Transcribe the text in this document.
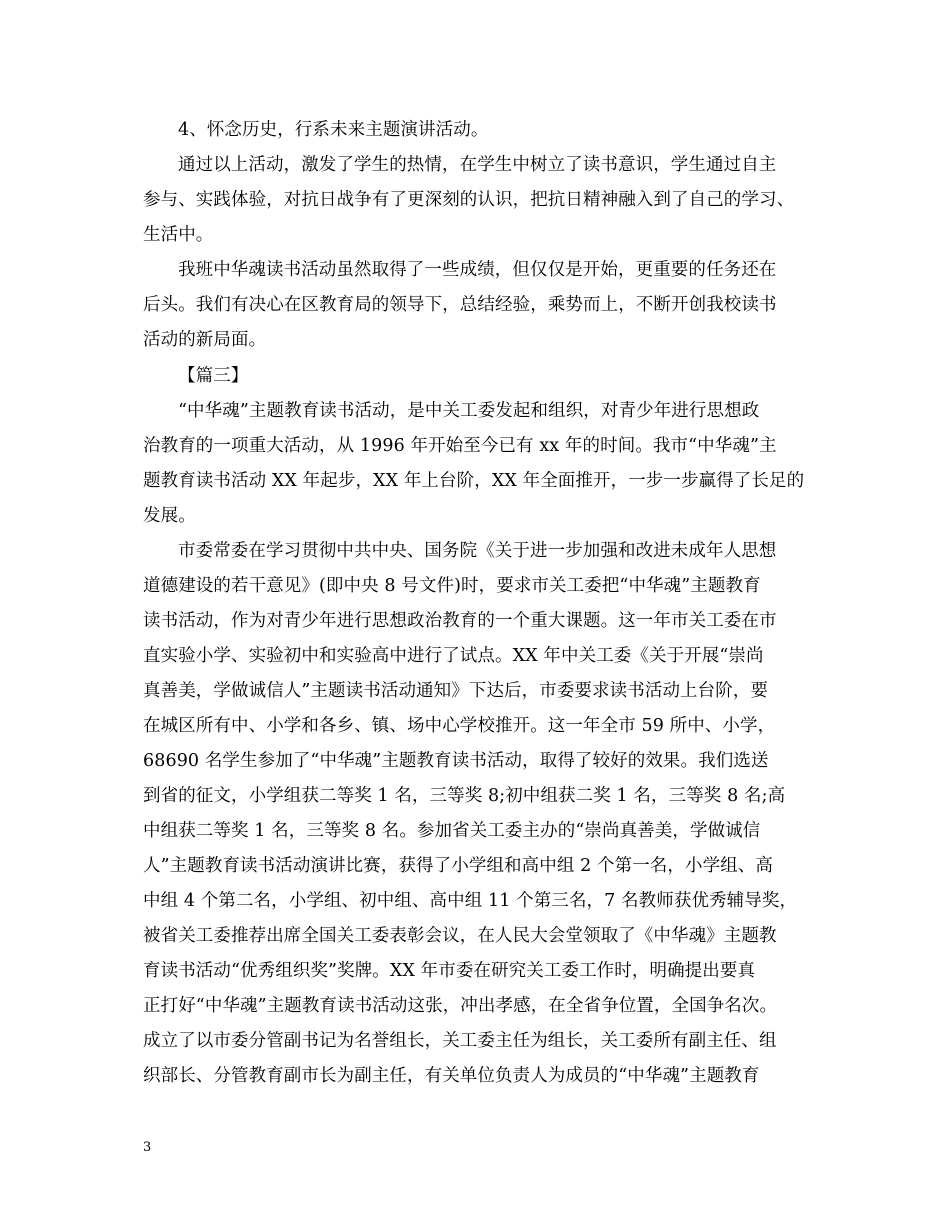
4、怀念历史，行系未来主题演讲活动。
通过以上活动，激发了学生的热情，在学生中树立了读书意识，学生通过自主
参与、实践体验，对抗日战争有了更深刻的认识，把抗日精神融入到了自己的学习、
生活中。
我班中华魂读书活动虽然取得了一些成绩，但仅仅是开始，更重要的任务还在
后头。我们有决心在区教育局的领导下，总结经验，乘势而上，不断开创我校读书
活动的新局面。
【篇三】
“中华魂”主题教育读书活动，是中关工委发起和组织，对青少年进行思想政
治教育的一项重大活动，从 1996 年开始至今已有 xx 年的时间。我市“中华魂”主
题教育读书活动 XX 年起步，XX 年上台阶，XX 年全面推开，一步一步赢得了长足的
发展。
市委常委在学习贯彻中共中央、国务院《关于进一步加强和改进未成年人思想
道德建设的若干意见》(即中央 8 号文件)时，要求市关工委把“中华魂”主题教育
读书活动，作为对青少年进行思想政治教育的一个重大课题。这一年市关工委在市
直实验小学、实验初中和实验高中进行了试点。XX 年中关工委《关于开展“崇尚
真善美，学做诚信人”主题读书活动通知》下达后，市委要求读书活动上台阶，要
在城区所有中、小学和各乡、镇、场中心学校推开。这一年全市 59 所中、小学，
68690 名学生参加了“中华魂”主题教育读书活动，取得了较好的效果。我们选送
到省的征文，小学组获二等奖 1 名，三等奖 8;初中组获二奖 1 名，三等奖 8 名;高
中组获二等奖 1 名，三等奖 8 名。参加省关工委主办的“崇尚真善美，学做诚信
人”主题教育读书活动演讲比赛，获得了小学组和高中组 2 个第一名，小学组、高
中组 4 个第二名，小学组、初中组、高中组 11 个第三名，7 名教师获优秀辅导奖，
被省关工委推荐出席全国关工委表彰会议，在人民大会堂领取了《中华魂》主题教
育读书活动“优秀组织奖”奖牌。XX 年市委在研究关工委工作时，明确提出要真
正打好“中华魂”主题教育读书活动这张，冲出孝感，在全省争位置，全国争名次。
成立了以市委分管副书记为名誉组长，关工委主任为组长，关工委所有副主任、组
织部长、分管教育副市长为副主任，有关单位负责人为成员的“中华魂”主题教育
3
